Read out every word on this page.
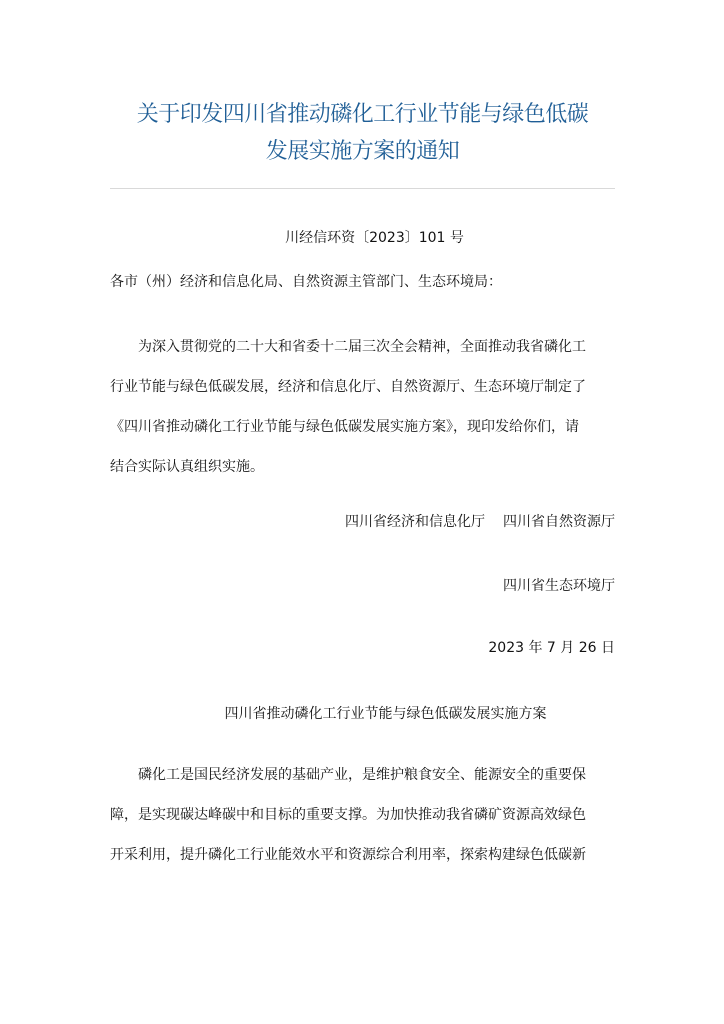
关于印发四川省推动磷化工行业节能与绿色低碳
发展实施方案的通知
川经信环资〔2023〕101 号
各市（州）经济和信息化局、自然资源主管部门、生态环境局：
为深入贯彻党的二十大和省委十二届三次全会精神，全面推动我省磷化工
行业节能与绿色低碳发展，经济和信息化厅、自然资源厅、生态环境厅制定了
《四川省推动磷化工行业节能与绿色低碳发展实施方案》，现印发给你们，请
结合实际认真组织实施。
四川省经济和信息化厅 四川省自然资源厅
四川省生态环境厅
2023 年 7 月 26 日
四川省推动磷化工行业节能与绿色低碳发展实施方案
磷化工是国民经济发展的基础产业，是维护粮食安全、能源安全的重要保
障，是实现碳达峰碳中和目标的重要支撑。为加快推动我省磷矿资源高效绿色
开采利用，提升磷化工行业能效水平和资源综合利用率，探索构建绿色低碳新
